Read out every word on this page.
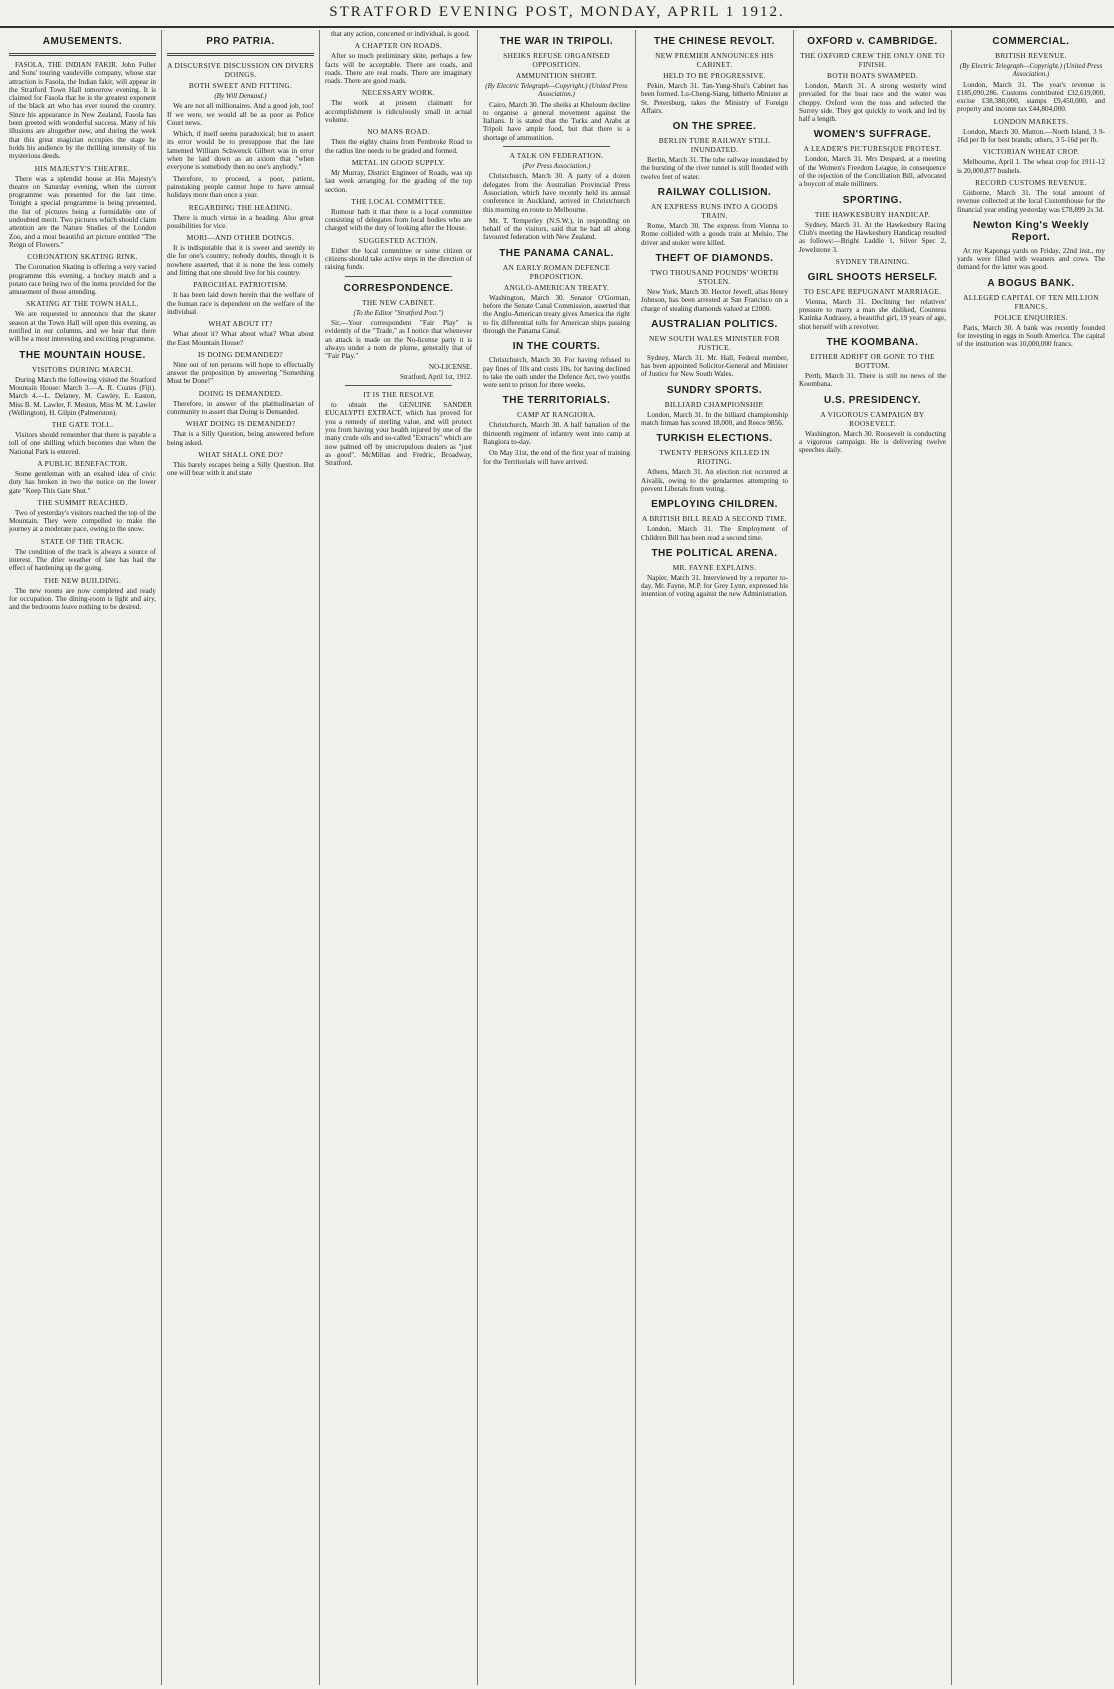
STRATFORD EVENING POST, MONDAY, APRIL 1 1912.
AMUSEMENTS.

FASOLA, THE INDIAN FAKIR. John Fuller and Sons' touring vaudeville company, whose star attraction is Fasola, the Indian fakir, will appear in the Stratford Town Hall tomorrow evening. It is claimed for Fasola that he is the greatest exponent of the black art who has ever toured the country. Since his appearance in New Zealand, Fasola has been greeted with wonderful success. Many of his illusions are altogether new, and during the week that this great magician occupies the stage he holds his audience by the thrilling intensity of his mysterious deeds.

HIS MAJESTY'S THEATRE.

There was a splendid house at His Majesty's theatre on Saturday evening, when the current programme was presented for the last time. Tonight a special programme is being presented, the list of pictures being a formidable one of undoubted merit. Two pictures which should claim attention are the Nature Studies of the London Zoo, and a most beautiful art picture entitled "The Reign of Flowers."

CORONATION SKATING RINK.

The Coronation Skating is offering a very varied programme this evening, a hockey match and a potato race being two of the items provided for the amusement of those attending.

SKATING AT THE TOWN HALL.

We are requested to announce that the skater season at the Town Hall will open this evening, as notified in our columns, and we hear that there will be a most interesting and exciting programme.

THE MOUNTAIN HOUSE.
VISITORS DURING MARCH.

During March the following visited the Stratford Mountain House: March 3.—A. R. Coates (Fiji). March 4.—L. Delaney, M. Cawley, E. Easton, Miss B. M. Lawler, F. Meston, Miss M. M. Lawler (Wellington), H. Gilpin (Palmerston).

THE GATE TOLL.

Visitors should remember that there is payable a toll of one shilling which becomes due when the National Park is entered.

A PUBLIC BENEFACTOR.

Some gentleman with an exalted idea of civic duty has broken in two the notice on the lower gate "Keep This Gate Shut."

THE SUMMIT REACHED.

Two of yesterday's visitors reached the top of the Mountain. They were compelled to make the journey at a moderate pace, owing to the snow.

STATE OF THE TRACK.

The condition of the track is always a source of interest. The drier weather of late has had the effect of hardening up the going.

THE NEW BUILDING.

The new rooms are now completed and ready for occupation. The dining-room is light and airy, and the bedrooms leave nothing to be desired.

PRO PATRIA.
A DISCURSIVE DISCUSSION ON DIVERS DOINGS.
BOTH SWEET AND FITTING.
(By Will Demand.)

We are not all millionaires. And a good job, too! If we were, we would all be as poor as Police Court news.

Which, if itself seems paradoxical; but to assert its error would be to presuppose that the late lamented William Schwenck Gilbert was in error when he laid down as an axiom that "when everyone is somebody then no one's anybody."

Therefore, to proceed, a poor, patient, painstaking people cannot hope to have annual holidays more than once a year.

REGARDING THE HEADING.

There is much virtue in a heading. Also great possibilities for vice.

MORI—AND OTHER DOINGS.

It is indisputable that it is sweet and seemly to die for one's country; nobody doubts, though it is nowhere asserted, that it is none the less comely and fitting that one should live for his country.

PAROCHIAL PATRIOTISM.

It has been laid down herein that the welfare of the human race is dependent on the welfare of the individual.

WHAT ABOUT IT?

What about it? What about what? What about the East Mountain House?

IS DOING DEMANDED?

Nine out of ten persons will hope to effectually answer the proposition by answering "Something Must be Done!"

DOING IS DEMANDED.

Therefore, in answer of the platitudinarian of community to assert that Doing is Demanded.

WHAT DOING IS DEMANDED?

That is a Silly Question, being answered before being asked.

WHAT SHALL ONE DO?

This barely escapes being a Silly Question. But one will bear with it and state

that any action, concerted or individual, is good.

A CHAPTER ON ROADS.

After so much preliminary skite, perhaps a few facts will be acceptable. There are roads, and roads. There are real roads. There are imaginary roads. There are good roads.

NECESSARY WORK.

The work at present claimant for accomplishment is ridiculously small in actual volume.

NO MANS ROAD.

Then the eighty chains from Pembroke Road to the radius line needs to be graded and formed.

METAL IN GOOD SUPPLY.

Mr Murray, District Engineer of Roads, was up last week arranging for the grading of the top section.

THE LOCAL COMMITTEE.

Rumour hath it that there is a local committee consisting of delegates from local bodies who are charged with the duty of looking after the House.

SUGGESTED ACTION.

Either the local committee or some citizen or citizens should take active steps in the direction of raising funds.

CORRESPONDENCE.
THE NEW CABINET.
(To the Editor "Stratford Post.")

Sir,—Your correspondent "Fair Play" is evidently of the "Trade," as I notice that whenever an attack is made on the No-license party it is always under a nom de plume, generally that of "Fair Play."

NO-LICENSE.
Stratford, April 1st, 1912.
IT IS THE RESOLVE

to obtain the GENUINE SANDER EUCALYPTI EXTRACT, which has proved for you a remedy of sterling value, and will protect you from having your health injured by one of the many crude oils and so-called "Extracts" which are now palmed off by unscrupulous dealers as "just as good". McMillan and Fredric, Broadway, Stratford.

THE WAR IN TRIPOLI.
SHEIKS REFUSE ORGANISED OPPOSITION.
AMMUNITION SHORT.
(By Electric Telegraph—Copyright.) (United Press Association.)

Cairo, March 30. The sheiks at Kheloum decline to organise a general movement against the Italians. It is stated that the Turks and Arabs at Tripoli have ample food, but that there is a shortage of ammunition.

A TALK ON FEDERATION.
(Per Press Association.)

Christchurch, March 30. A party of a dozen delegates from the Australian Provincial Press Association, which have recently held its annual conference in Auckland, arrived in Christchurch this morning en route to Melbourne.

Mr. T. Temperley (N.S.W.), in responding on behalf of the visitors, said that he had all along favoured federation with New Zealand.

THE PANAMA CANAL.
AN EARLY ROMAN DEFENCE PROPOSITION.
ANGLO-AMERICAN TREATY.

Washington, March 30. Senator O'Gorman, before the Senate Canal Commission, asserted that the Anglo-American treaty gives America the right to fix differential tolls for American ships passing through the Panama Canal.

IN THE COURTS.

Christchurch, March 30. For having refused to pay fines of 10s and costs 10s, for having declined to take the oath under the Defence Act, two youths were sent to prison for three weeks.

THE TERRITORIALS.
CAMP AT RANGIORA.

Christchurch, March 30. A half battalion of the thirteenth regiment of infantry went into camp at Rangiora to-day.

On May 31st, the end of the first year of training for the Territorials will have arrived.

THE CHINESE REVOLT.
NEW PREMIER ANNOUNCES HIS CABINET.
HELD TO BE PROGRESSIVE.

Pekin, March 31. Tan-Yung-Shui's Cabinet has been formed. Lu-Cheng-Siang, hitherto Minister at St. Petersburg, takes the Ministry of Foreign Affairs.

ON THE SPREE.
BERLIN TUBE RAILWAY STILL INUNDATED.

Berlin, March 31. The tube railway inundated by the bursting of the river tunnel is still flooded with twelve feet of water.

RAILWAY COLLISION.
AN EXPRESS RUNS INTO A GOODS TRAIN.

Rome, March 30. The express from Vienna to Rome collided with a goods train at Melsio. The driver and stoker were killed.

THEFT OF DIAMONDS.
TWO THOUSAND POUNDS' WORTH STOLEN.

New York, March 30. Hector Jewell, alias Henry Johnson, has been arrested at San Francisco on a charge of stealing diamonds valued at £2000.

AUSTRALIAN POLITICS.
NEW SOUTH WALES MINISTER FOR JUSTICE.

Sydney, March 31. Mr. Hall, Federal member, has been appointed Solicitor-General and Minister of Justice for New South Wales.

SUNDRY SPORTS.
BILLIARD CHAMPIONSHIP.

London, March 31. In the billiard championship match Inman has scored 18,000, and Reece 9856.

TURKISH ELECTIONS.
TWENTY PERSONS KILLED IN RIOTING.

Athens, March 31. An election riot occurred at Aivalik, owing to the gendarmes attempting to prevent Liberals from voting.

EMPLOYING CHILDREN.
A BRITISH BILL READ A SECOND TIME.

London, March 31. The Employment of Children Bill has been read a second time.

THE POLITICAL ARENA.
MR. FAYNE EXPLAINS.

Napier, March 31. Interviewed by a reporter to-day, Mr. Fayne, M.P. for Grey Lynn, expressed his intention of voting against the new Administration.

OXFORD v. CAMBRIDGE.
THE OXFORD CREW THE ONLY ONE TO FINISH.
BOTH BOATS SWAMPED.

London, March 31. A strong westerly wind prevailed for the boat race and the water was choppy. Oxford won the toss and selected the Surrey side. They got quickly to work and led by half a length.

WOMEN'S SUFFRAGE.
A LEADER'S PICTURESQUE PROTEST.

London, March 31. Mrs Despard, at a meeting of the Women's Freedom League, in consequence of the rejection of the Conciliation Bill, advocated a boycott of male milliners.

SPORTING.
THE HAWKESBURY HANDICAP.

Sydney, March 31. At the Hawkesbury Racing Club's meeting the Hawkesbury Handicap resulted as follows:—Bright Laddie 1, Silver Spec 2, Jewelstone 3.

SYDNEY TRAINING.
GIRL SHOOTS HERSELF.
TO ESCAPE REPUGNANT MARRIAGE.

Vienna, March 31. Declining her relatives' pressure to marry a man she disliked, Countess Katinka Audrassy, a beautiful girl, 19 years of age, shot herself with a revolver.

THE KOOMBANA.
EITHER ADRIFT OR GONE TO THE BOTTOM.

Perth, March 31. There is still no news of the Koombana.

U.S. PRESIDENCY.
A VIGOROUS CAMPAIGN BY ROOSEVELT.

Washington, March 30. Roosevelt is conducting a vigorous campaign. He is delivering twelve speeches daily.

COMMERCIAL.
BRITISH REVENUE.
(By Electric Telegraph—Copyright.) (United Press Association.)

London, March 31. The year's revenue is £185,090,286. Customs contributed £32,619,000, excise £38,380,000, stamps £9,450,000, and property and income tax £44,804,000.

LONDON MARKETS.

London, March 30. Mutton.—North Island, 3 9-16d per lb for best brands; others, 3 5-16d per lb.

VICTORIAN WHEAT CROP.

Melbourne, April 1. The wheat crop for 1911-12 is 20,000,877 bushels.

RECORD CUSTOMS REVENUE.

Gisborne, March 31. The total amount of revenue collected at the local Customhouse for the financial year ending yesterday was £78,899 2s 3d.

Newton King's Weekly Report.

At my Kaponga yards on Friday, 22nd inst., my yards were filled with weaners and cows. The demand for the latter was good.

A BOGUS BANK.
ALLEGED CAPITAL OF TEN MILLION FRANCS.
POLICE ENQUIRIES.

Paris, March 30. A bank was recently founded for investing in eggs in South America. The capital of the institution was 10,000,000 francs.
